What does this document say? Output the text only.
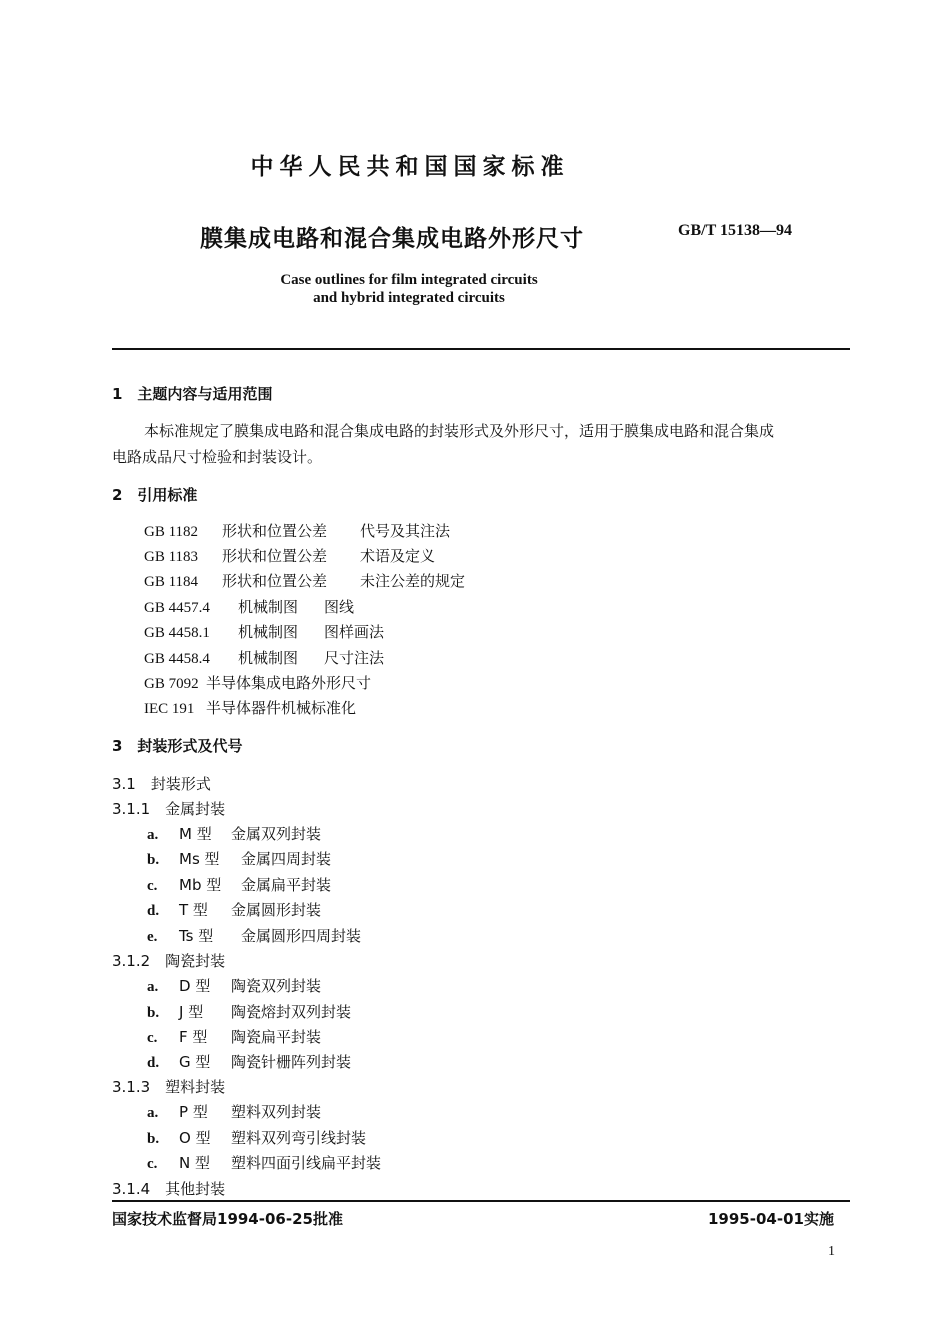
中华人民共和国国家标准
膜集成电路和混合集成电路外形尺寸	GB/T 15138—94
Case outlines for film integrated circuits
and hybrid integrated circuits
1　主题内容与适用范围
本标准规定了膜集成电路和混合集成电路的封装形式及外形尺寸，适用于膜集成电路和混合集成
电路成品尺寸检验和封装设计。
2　引用标准
GB 1182 形状和位置公差 代号及其注法
GB 1183 形状和位置公差 术语及定义
GB 1184 形状和位置公差 未注公差的规定
GB 4457.4 机械制图 图线
GB 4458.1 机械制图 图样画法
GB 4458.4 机械制图 尺寸注法
GB 7092 半导体集成电路外形尺寸
IEC 191 半导体器件机械标准化
3　封装形式及代号
3.1　封装形式
3.1.1　金属封装
a. M 型 金属双列封装
b. Ms 型 金属四周封装
c. Mb 型 金属扁平封装
d. T 型 金属圆形封装
e. Ts 型 金属圆形四周封装
3.1.2　陶瓷封装
a. D 型 陶瓷双列封装
b. J 型 陶瓷熔封双列封装
c. F 型 陶瓷扁平封装
d. G 型 陶瓷针栅阵列封装
3.1.3　塑料封装
a. P 型 塑料双列封装
b. O 型 塑料双列弯引线封装
c. N 型 塑料四面引线扁平封装
3.1.4　其他封装
国家技术监督局1994-06-25批准	1995-04-01实施
1
